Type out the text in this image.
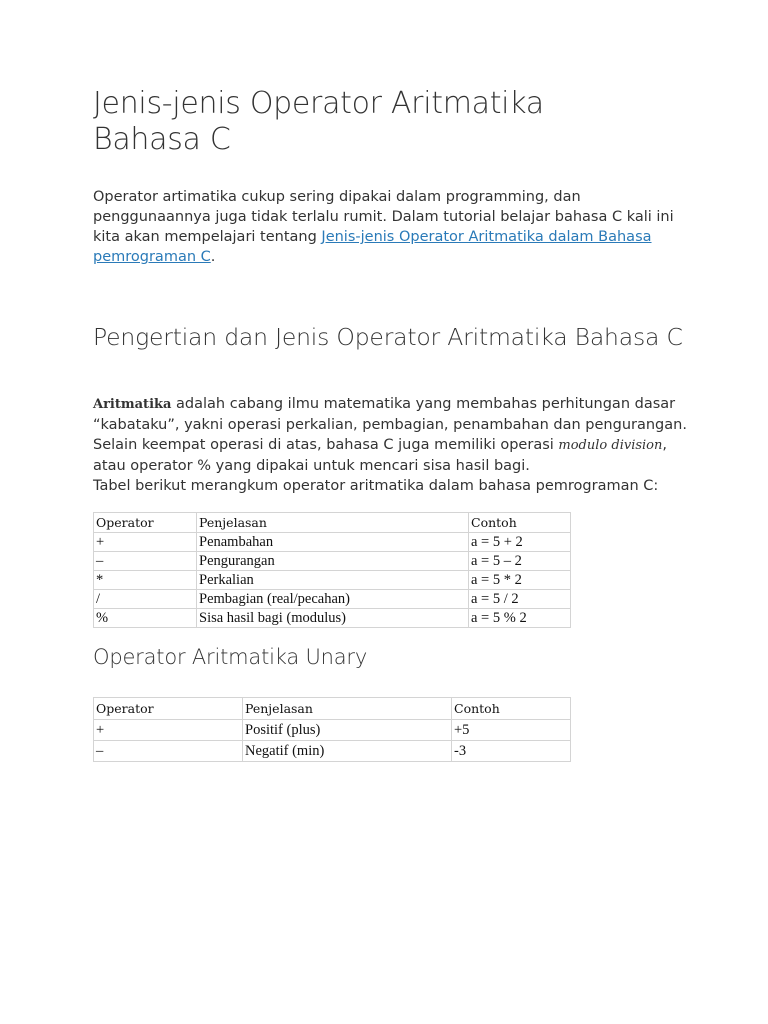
Jenis-jenis Operator Aritmatika Bahasa C

Operator artimatika cukup sering dipakai dalam programming, dan penggunaannya juga tidak terlalu rumit. Dalam tutorial belajar bahasa C kali ini kita akan mempelajari tentang Jenis-jenis Operator Aritmatika dalam Bahasa pemrograman C.

Pengertian dan Jenis Operator Aritmatika Bahasa C

Aritmatika adalah cabang ilmu matematika yang membahas perhitungan dasar “kabataku”, yakni operasi perkalian, pembagian, penambahan dan pengurangan. Selain keempat operasi di atas, bahasa C juga memiliki operasi modulo division, atau operator % yang dipakai untuk mencari sisa hasil bagi.
Tabel berikut merangkum operator aritmatika dalam bahasa pemrograman C:

Operator	Penjelasan	Contoh
+	Penambahan	a = 5 + 2
–	Pengurangan	a = 5 – 2
*	Perkalian	a = 5 * 2
/	Pembagian (real/pecahan)	a = 5 / 2
%	Sisa hasil bagi (modulus)	a = 5 % 2
Operator Aritmatika Unary
Operator	Penjelasan	Contoh
+	Positif (plus)	+5
–	Negatif (min)	-3
